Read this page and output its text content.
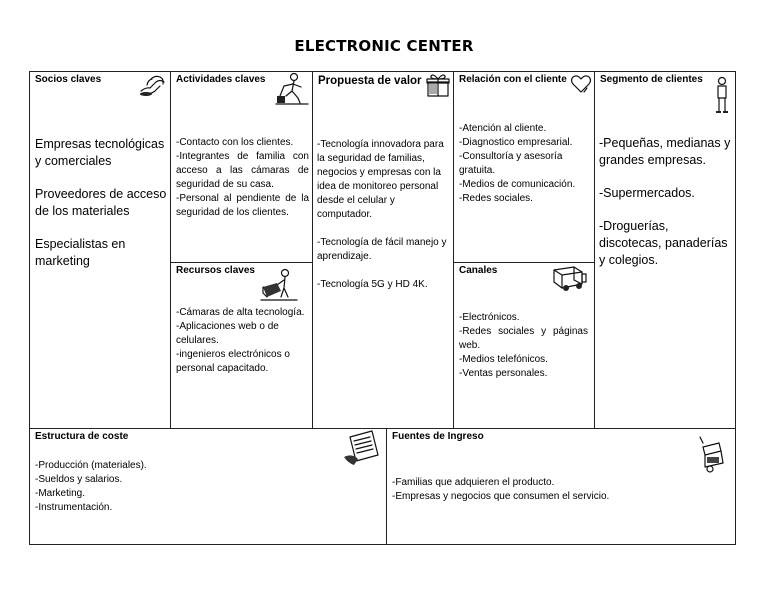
ELECTRONIC CENTER
Socios claves
Empresas tecnológicas y comerciales
Proveedores de acceso de los materiales
Especialistas en marketing
Actividades claves
-Contacto con los clientes.
-Integrantes de familia con acceso a las cámaras de seguridad de su casa.
-Personal al pendiente de la seguridad de los clientes.
Recursos claves
-Cámaras de alta tecnología.
-Aplicaciones web o de celulares.
-ingenieros electrónicos o personal capacitado.
Propuesta de valor
-Tecnología innovadora para la seguridad de familias, negocios y empresas con la idea de monitoreo personal desde el celular y computador.
-Tecnología de fácil manejo y aprendizaje.
-Tecnología 5G y HD 4K.
Relación con el cliente
-Atención al cliente.
-Diagnostico empresarial.
-Consultoría y asesoría gratuita.
-Medios de comunicación.
-Redes sociales.
Canales
-Electrónicos.
-Redes sociales y páginas web.
-Medios telefónicos.
-Ventas personales.
Segmento de clientes
-Pequeñas, medianas y grandes empresas.
-Supermercados.
-Droguerías, discotecas, panaderías y colegios.
Estructura de coste
-Producción (materiales).
-Sueldos y salarios.
-Marketing.
-Instrumentación.
Fuentes de Ingreso
-Familias que adquieren el producto.
-Empresas y negocios que consumen el servicio.
